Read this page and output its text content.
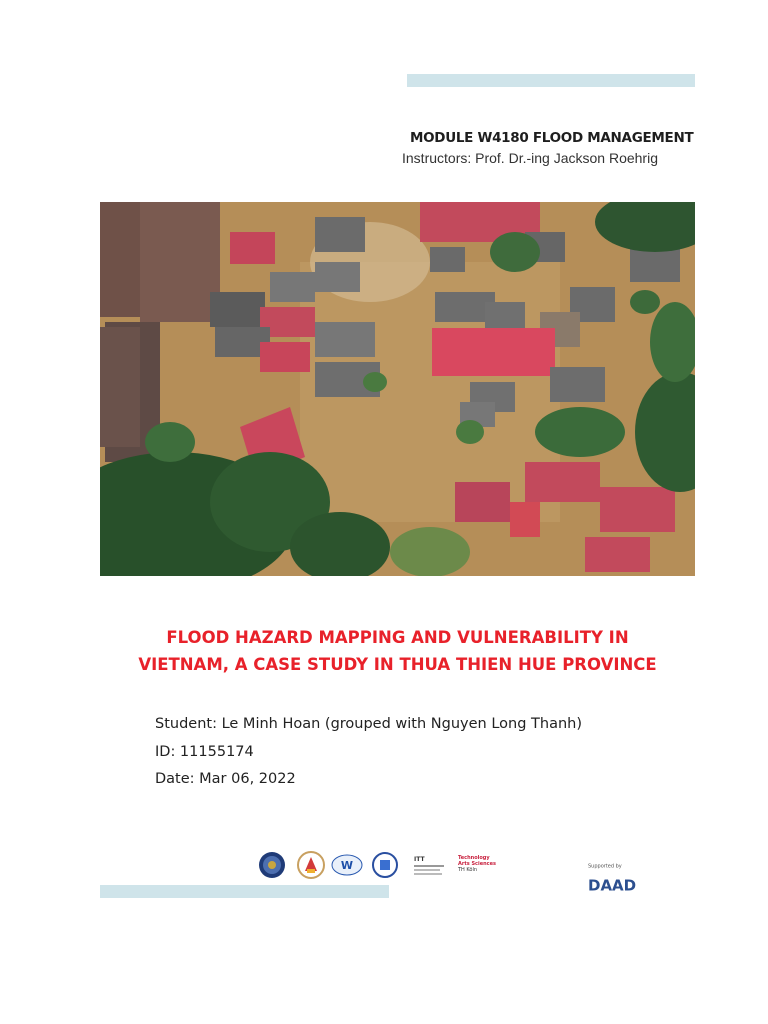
MODULE W4180 FLOOD MANAGEMENT
Instructors: Prof. Dr.-ing Jackson Roehrig
FLOOD HAZARD MAPPING AND VULNERABILITY IN
VIETNAM, A CASE STUDY IN THUA THIEN HUE PROVINCE
Student: Le Minh Hoan (grouped with Nguyen Long Thanh)
ID: 11155174
Date: Mar 06, 2022
W	ITT	Technology
Arts Sciences
TH Köln
Supported by DAAD
